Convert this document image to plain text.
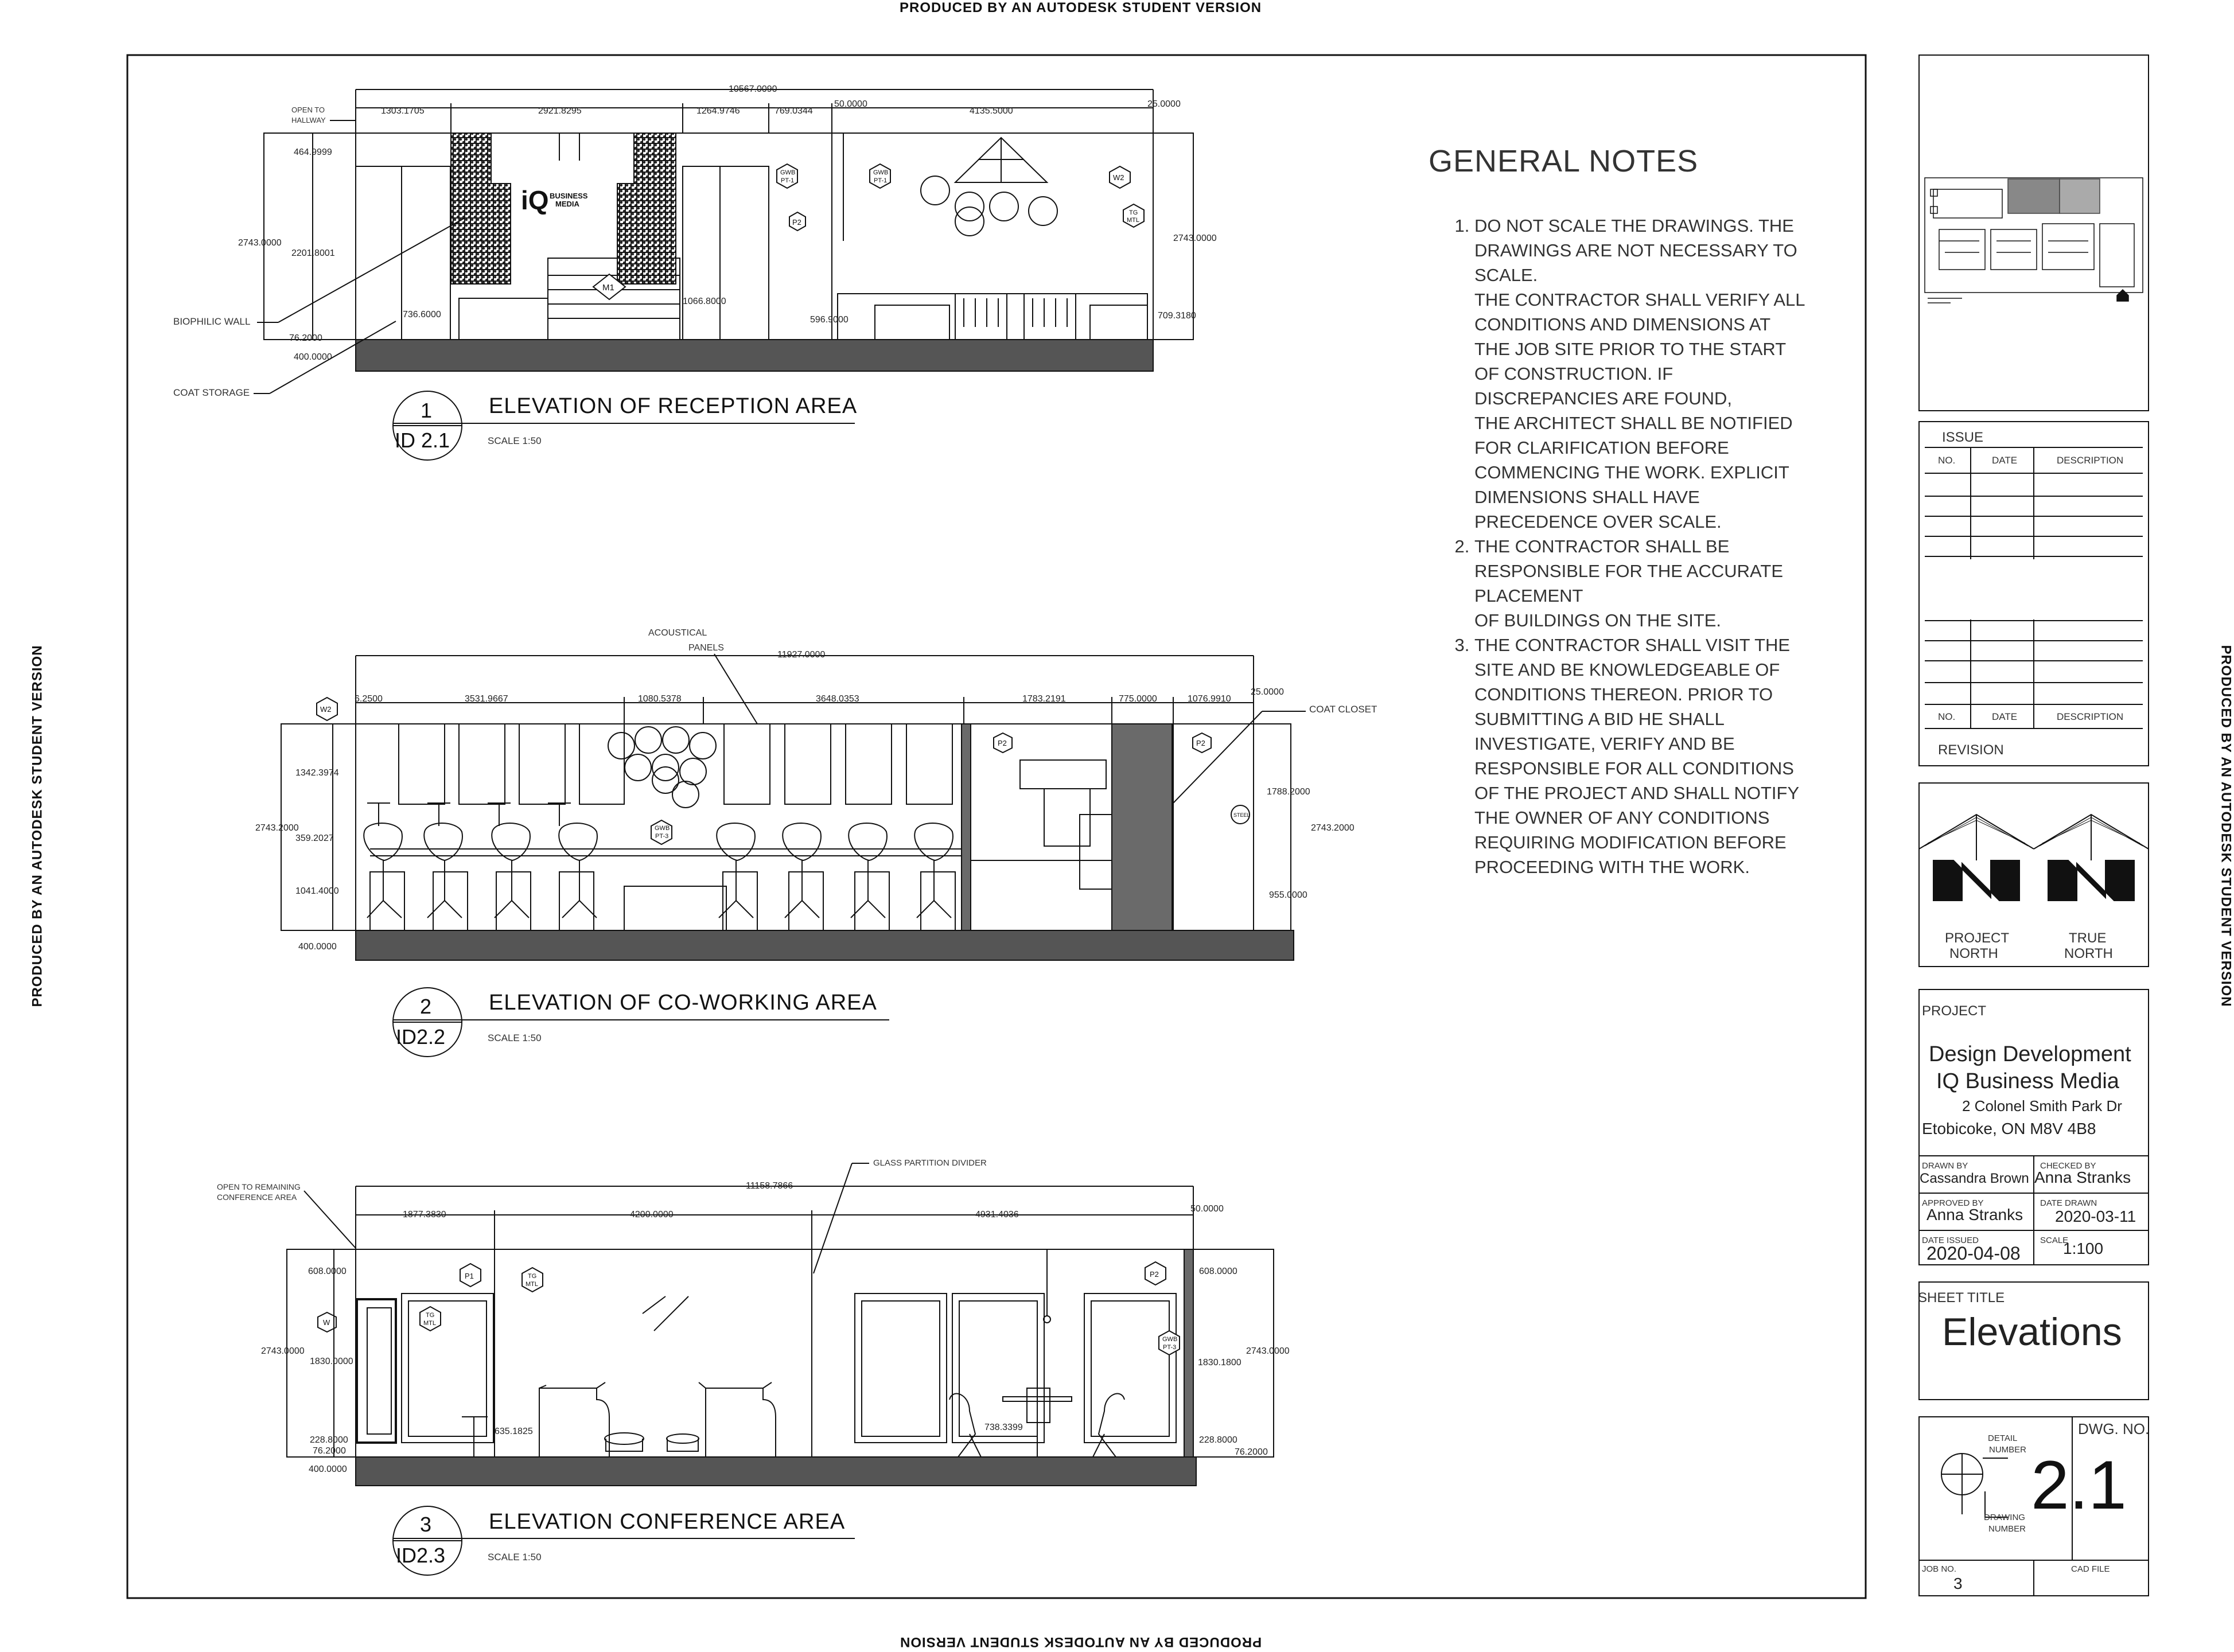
PRODUCED BY AN AUTODESK STUDENT VERSION
PRODUCED BY AN AUTODESK STUDENT VERSION
PRODUCED BY AN AUTODESK STUDENT VERSION	PRODUCED BY AN AUTODESK STUDENT VERSION
10567.0090
1303.1705	2921.8295	1264.9746	769.0344
50.0000
4135.5000
25.0000
iQ BUSINESS
MEDIA
M1
GWB
PT-1
GWB
PT-1
P2
W2
TG
MTL
464.9999
2743.0000
2201.8001
76.2000
400.0000
2743.0000
736.6000
1066.8000
596.9000	709.3180
OPEN TO
HALLWAY
BIOPHILIC WALL
COAT STORAGE
1
ID 2.1
ELEVATION OF RECEPTION AREA
SCALE 1:50
11927.0000
6.2500	3531.9667	1080.5378	3648.0353	1783.2191	775.0000	1076.9910
25.0000
W2
GWB
PT-3
P2	P2
STEEL
1342.3974
2743.2000
359.2027
1041.4000
400.0000
1788.2000
2743.2000
955.0000
ACOUSTICAL
PANELS
COAT CLOSET
2
ID2.2
ELEVATION OF CO-WORKING AREA
SCALE 1:50
11158.7866
1877.3830	4200.0000	4931.4036
50.0000
P1	TG
MTL
W
TG
MTL
P2
GWB
PT-3
608.0000
2743.0000
1830.0000
228.8000
76.2000
400.0000
608.0000
2743.0000
1830.1800
228.8000
76.2000
635.1825	738.3399
OPEN TO REMAINING
CONFERENCE AREA
GLASS PARTITION DIVIDER
3
ID2.3
ELEVATION CONFERENCE AREA
SCALE 1:50
ISSUE
NO.	DATE	DESCRIPTION
NO.	DATE	DESCRIPTION
REVISION
PROJECT
NORTH
TRUE
NORTH
PROJECT
Design Development
IQ Business Media
2 Colonel Smith Park Dr
Etobicoke, ON M8V 4B8
DRAWN BY
Cassandra Brown
CHECKED BY
Anna Stranks
APPROVED BY
Anna Stranks
DATE DRAWN
2020-03-11
DATE ISSUED
2020-04-08
SCALE
1:100
SHEET TITLE
Elevations
DETAIL
NUMBER
DRAWING
NUMBER
DWG. NO.
2.1
JOB NO.
3
CAD FILE
GENERAL NOTES

1. DO NOT SCALE THE DRAWINGS. THE DRAWINGS ARE NOT NECESSARY TO SCALE.

THE CONTRACTOR SHALL VERIFY ALL CONDITIONS AND DIMENSIONS AT THE JOB SITE PRIOR TO THE START OF CONSTRUCTION. IF DISCREPANCIES ARE FOUND,

THE ARCHITECT SHALL BE NOTIFIED FOR CLARIFICATION BEFORE COMMENCING THE WORK. EXPLICIT DIMENSIONS SHALL HAVE PRECEDENCE OVER SCALE.

2. THE CONTRACTOR SHALL BE RESPONSIBLE FOR THE ACCURATE PLACEMENT

OF BUILDINGS ON THE SITE.

3. THE CONTRACTOR SHALL VISIT THE SITE AND BE KNOWLEDGEABLE OF CONDITIONS THEREON. PRIOR TO SUBMITTING A BID HE SHALL INVESTIGATE, VERIFY AND BE RESPONSIBLE FOR ALL CONDITIONS OF THE PROJECT AND SHALL NOTIFY THE OWNER OF ANY CONDITIONS REQUIRING MODIFICATION BEFORE PROCEEDING WITH THE WORK.
